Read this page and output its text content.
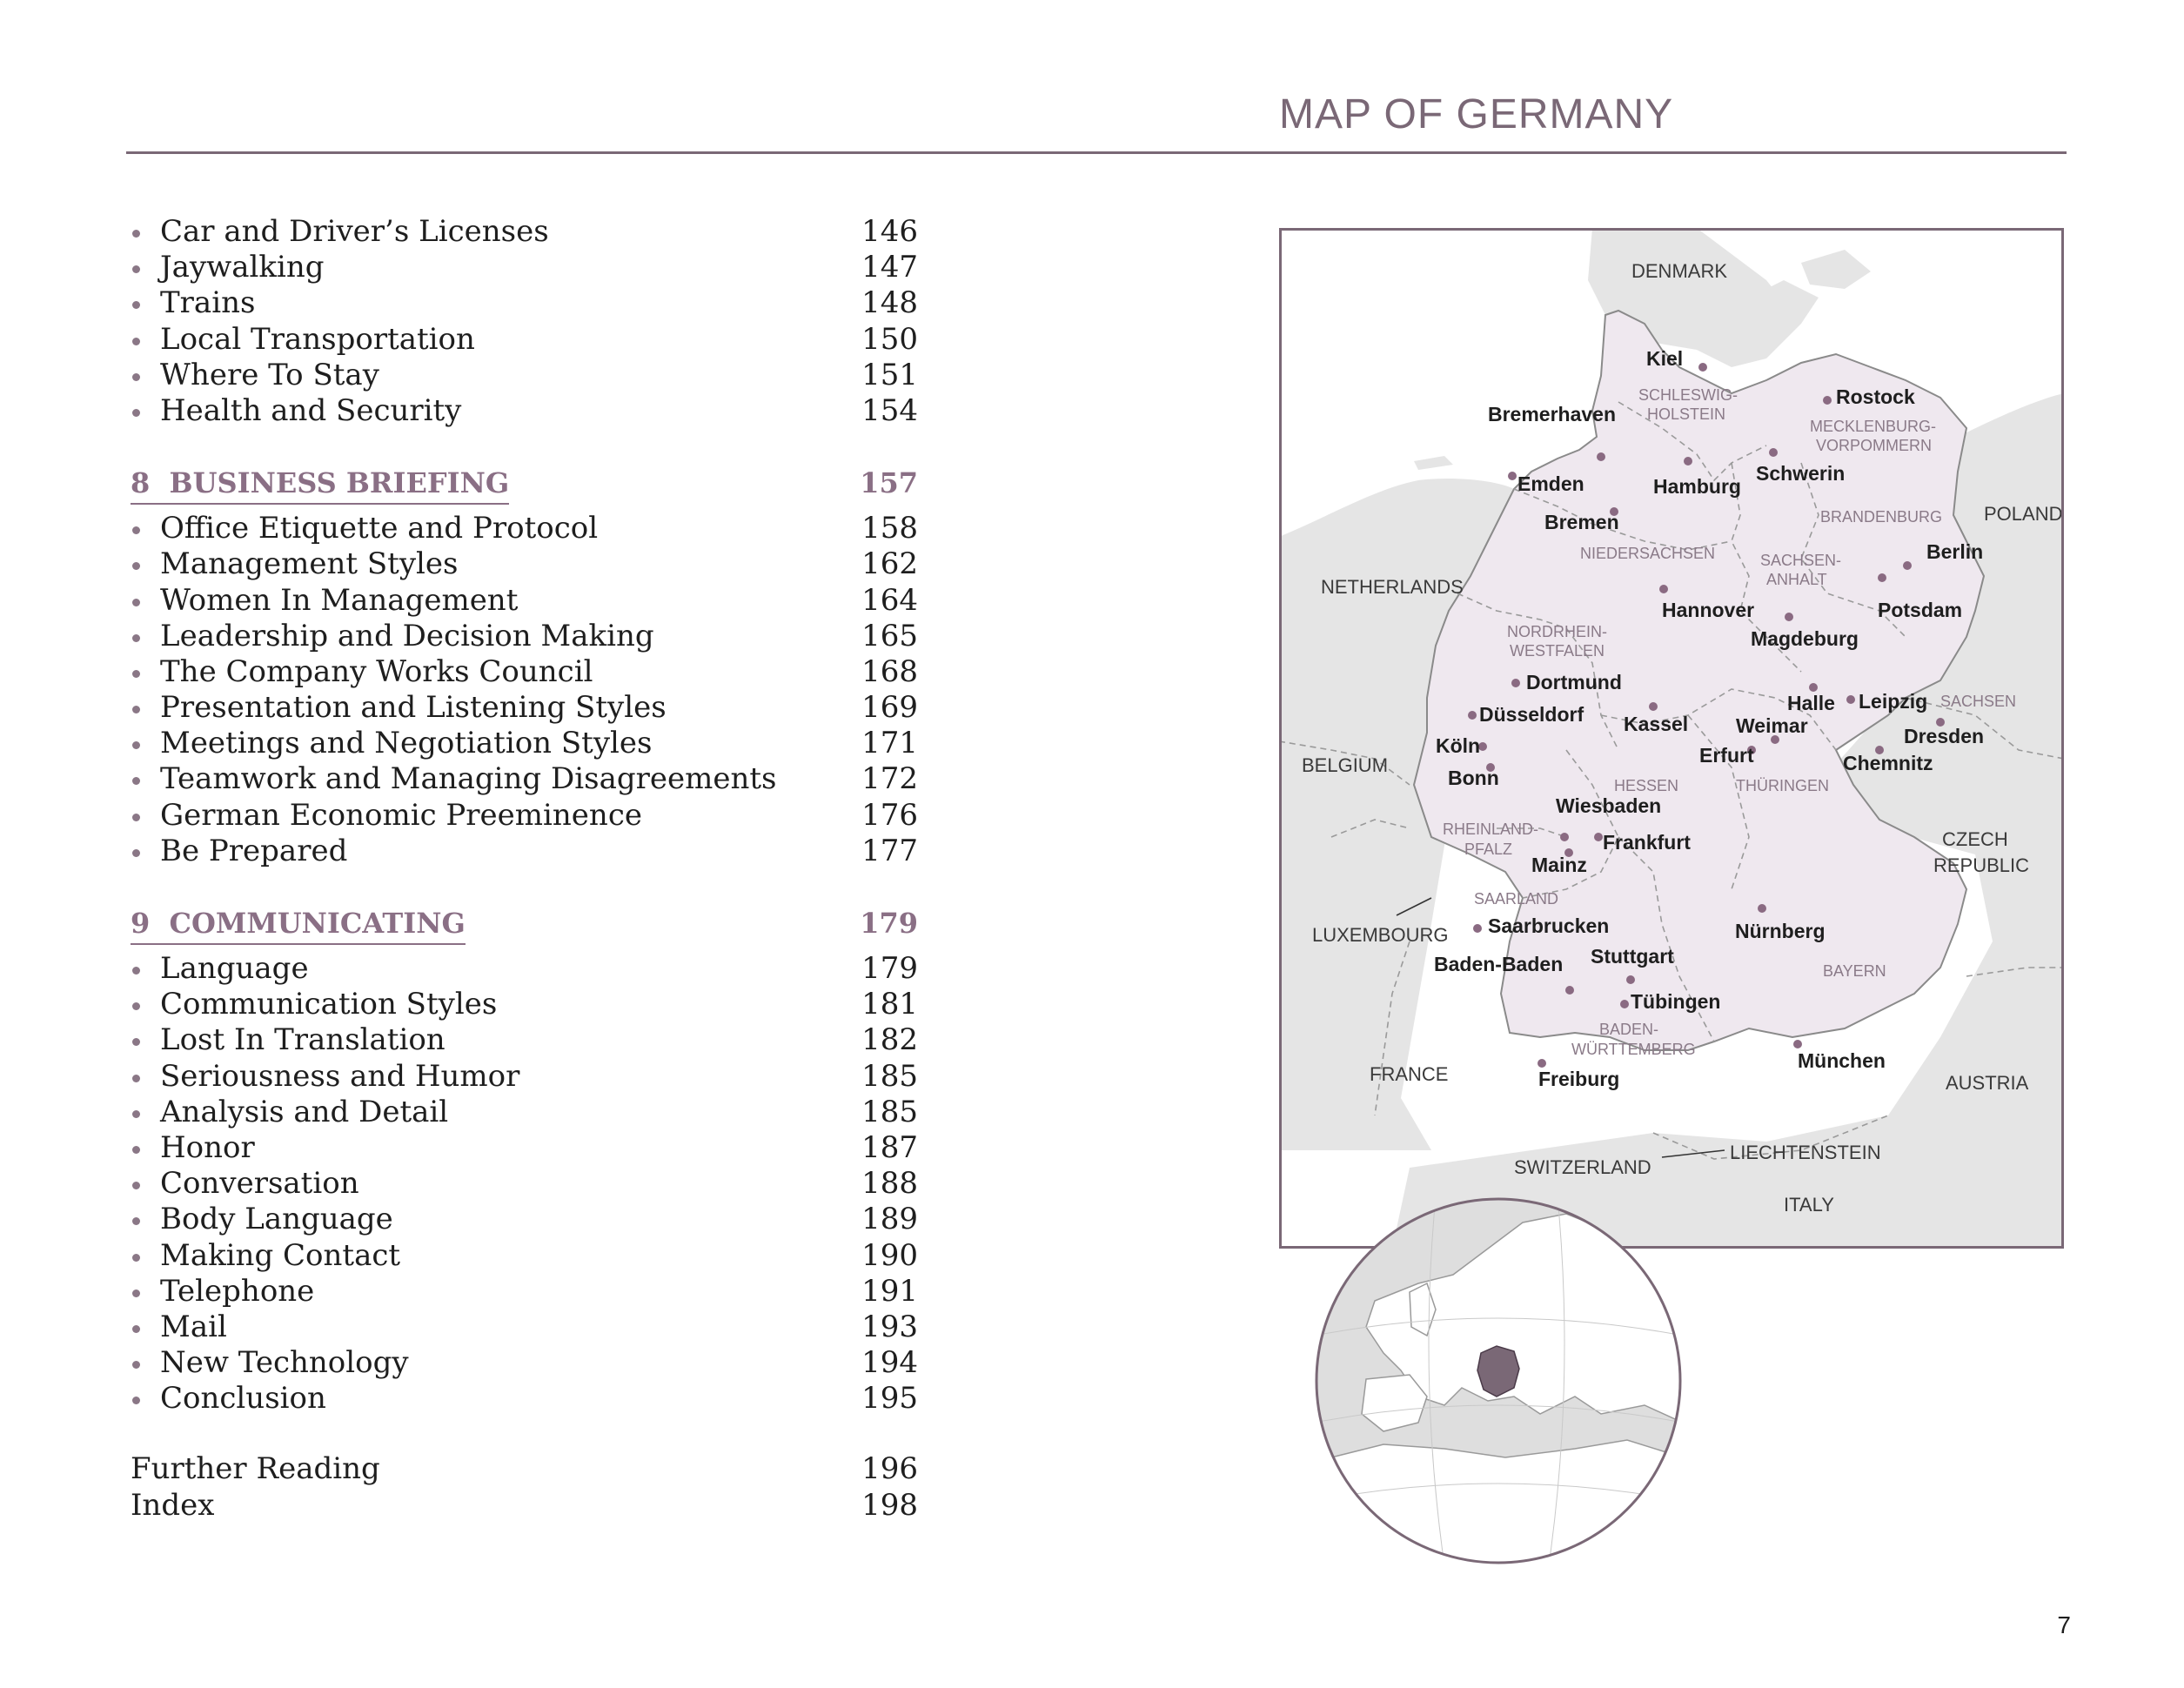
MAP OF GERMANY
Car and Driver’s Licenses	146
Jaywalking	147
Trains	148
Local Transportation	150
Where To Stay	151
Health and Security	154
8 BUSINESS BRIEFING	157
Office Etiquette and Protocol	158
Management Styles	162
Women In Management	164
Leadership and Decision Making	165
The Company Works Council	168
Presentation and Listening Styles	169
Meetings and Negotiation Styles	171
Teamwork and Managing Disagreements	172
German Economic Preeminence	176
Be Prepared	177
9 COMMUNICATING	179
Language	179
Communication Styles	181
Lost In Translation	182
Seriousness and Humor	185
Analysis and Detail	185
Honor	187
Conversation	188
Body Language	189
Making Contact	190
Telephone	191
Mail	193
New Technology	194
Conclusion	195
Further Reading	196
Index	198
DENMARK
POLAND
NETHERLANDS
BELGIUM
LUXEMBOURG
CZECH
REPUBLIC
FRANCE	AUSTRIA
SWITZERLAND
LIECHTENSTEIN
ITALY
SCHLESWIG-
HOLSTEIN
MECKLENBURG-
VORPOMMERN
BRANDENBURG
NIEDERSACHSEN	SACHSEN-
ANHALT
NORDRHEIN-
WESTFALEN
SACHSEN
HESSEN	THÜRINGEN
RHEINLAND-
PFALZ
SAARLAND
BAYERN
BADEN-
WÜRTTEMBERG
Kiel
Rostock
Bremerhaven
Emden	Hamburg
Schwerin
Bremen
Berlin
Hannover	Potsdam
Magdeburg
Dortmund
Düsseldorf Kassel
Halle Leipzig
Weimar	Dresden
Köln	Erfurt	Chemnitz
Bonn
Wiesbaden
Frankfurt
Mainz
Saarbrucken	Nürnberg
Baden-Baden Stuttgart
Tübingen
München
Freiburg
7
